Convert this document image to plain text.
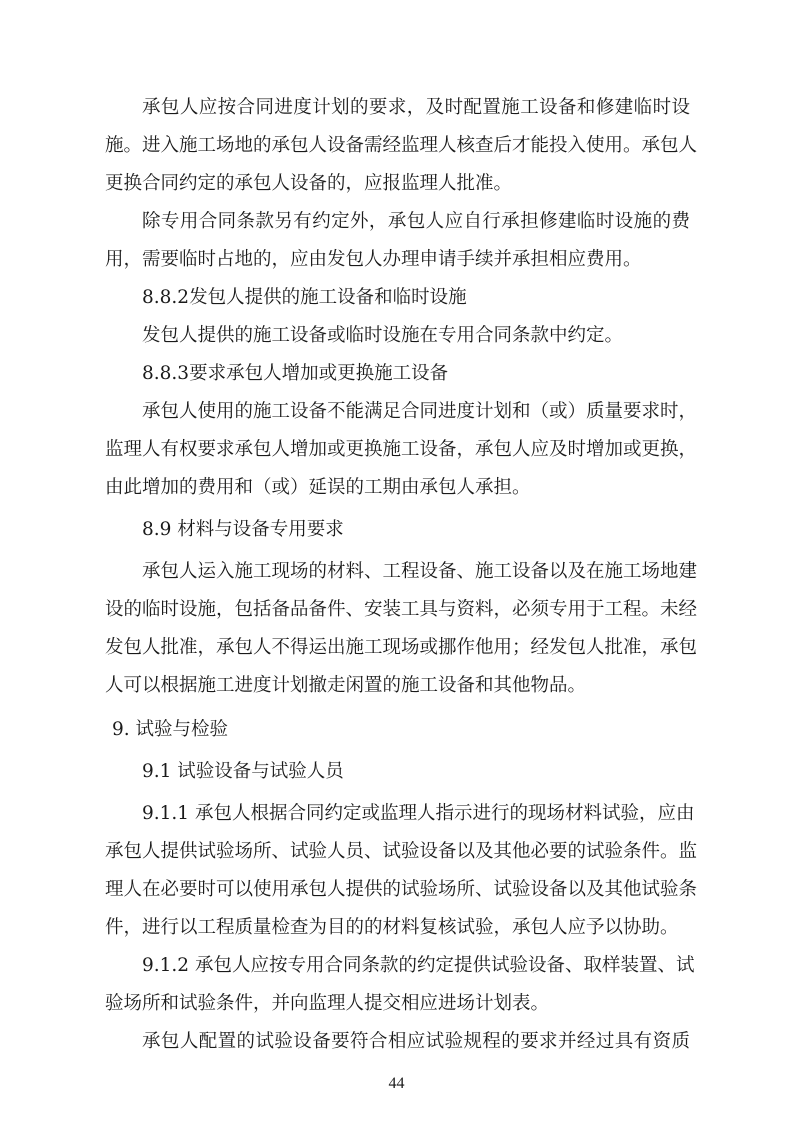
承包人应按合同进度计划的要求，及时配置施工设备和修建临时设
施。进入施工场地的承包人设备需经监理人核查后才能投入使用。承包人
更换合同约定的承包人设备的，应报监理人批准。
除专用合同条款另有约定外，承包人应自行承担修建临时设施的费
用，需要临时占地的，应由发包人办理申请手续并承担相应费用。
8.8.2发包人提供的施工设备和临时设施
发包人提供的施工设备或临时设施在专用合同条款中约定。
8.8.3要求承包人增加或更换施工设备
承包人使用的施工设备不能满足合同进度计划和（或）质量要求时，
监理人有权要求承包人增加或更换施工设备，承包人应及时增加或更换，
由此增加的费用和（或）延误的工期由承包人承担。
8.9 材料与设备专用要求
承包人运入施工现场的材料、工程设备、施工设备以及在施工场地建
设的临时设施，包括备品备件、安装工具与资料，必须专用于工程。未经
发包人批准，承包人不得运出施工现场或挪作他用；经发包人批准，承包
人可以根据施工进度计划撤走闲置的施工设备和其他物品。
9. 试验与检验
9.1 试验设备与试验人员
9.1.1 承包人根据合同约定或监理人指示进行的现场材料试验，应由
承包人提供试验场所、试验人员、试验设备以及其他必要的试验条件。监
理人在必要时可以使用承包人提供的试验场所、试验设备以及其他试验条
件，进行以工程质量检查为目的的材料复核试验，承包人应予以协助。
9.1.2 承包人应按专用合同条款的约定提供试验设备、取样装置、试
验场所和试验条件，并向监理人提交相应进场计划表。
承包人配置的试验设备要符合相应试验规程的要求并经过具有资质
44
